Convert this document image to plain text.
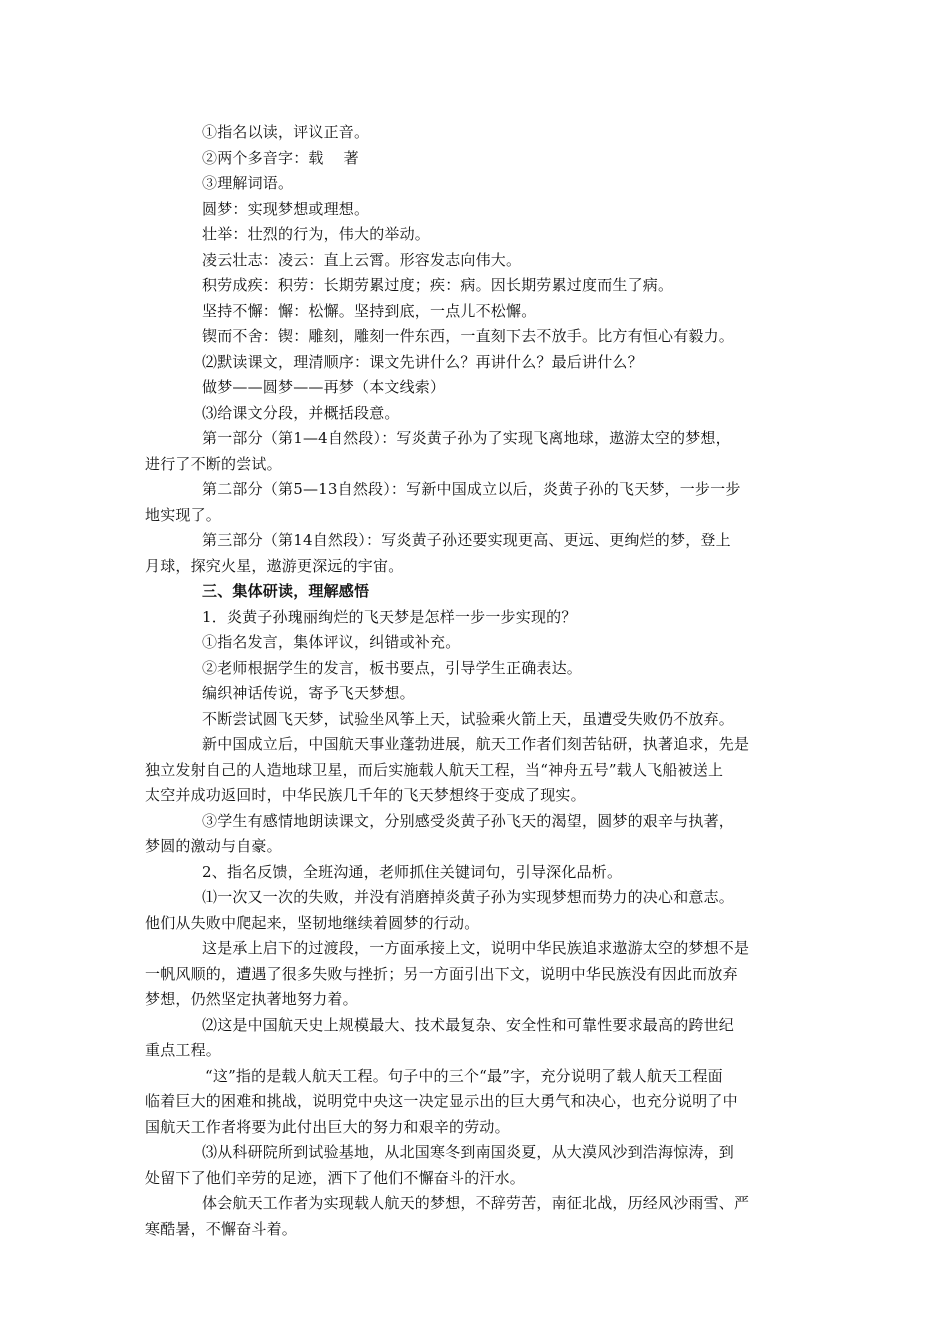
①指名以读，评议正音。
②两个多音字：载 著
③理解词语。
圆梦：实现梦想或理想。
壮举：壮烈的行为，伟大的举动。
凌云壮志：凌云：直上云霄。形容发志向伟大。
积劳成疾：积劳：长期劳累过度；疾：病。因长期劳累过度而生了病。
坚持不懈：懈：松懈。坚持到底，一点儿不松懈。
锲而不舍：锲：雕刻，雕刻一件东西，一直刻下去不放手。比方有恒心有毅力。
⑵默读课文，理清顺序：课文先讲什么？再讲什么？最后讲什么？
做梦——圆梦——再梦（本文线索）
⑶给课文分段，并概括段意。
第一部分（第1—4自然段）：写炎黄子孙为了实现飞离地球，遨游太空的梦想，
进行了不断的尝试。
第二部分（第5—13自然段）：写新中国成立以后，炎黄子孙的飞天梦，一步一步
地实现了。
第三部分（第14自然段）：写炎黄子孙还要实现更高、更远、更绚烂的梦，登上
月球，探究火星，遨游更深远的宇宙。
三、集体研读，理解感悟
1．炎黄子孙瑰丽绚烂的飞天梦是怎样一步一步实现的？
①指名发言，集体评议，纠错或补充。
②老师根据学生的发言，板书要点，引导学生正确表达。
编织神话传说，寄予飞天梦想。
不断尝试圆飞天梦，试验坐风筝上天，试验乘火箭上天，虽遭受失败仍不放弃。
新中国成立后，中国航天事业蓬勃进展，航天工作者们刻苦钻研，执著追求，先是
独立发射自己的人造地球卫星，而后实施载人航天工程，当“神舟五号”载人飞船被送上
太空并成功返回时，中华民族几千年的飞天梦想终于变成了现实。
③学生有感情地朗读课文，分别感受炎黄子孙飞天的渴望，圆梦的艰辛与执著，
梦圆的激动与自豪。
2、指名反馈，全班沟通，老师抓住关键词句，引导深化品析。
⑴一次又一次的失败，并没有消磨掉炎黄子孙为实现梦想而势力的决心和意志。
他们从失败中爬起来，坚韧地继续着圆梦的行动。
这是承上启下的过渡段，一方面承接上文，说明中华民族追求遨游太空的梦想不是
一帆风顺的，遭遇了很多失败与挫折；另一方面引出下文，说明中华民族没有因此而放弃
梦想，仍然坚定执著地努力着。
⑵这是中国航天史上规模最大、技术最复杂、安全性和可靠性要求最高的跨世纪
重点工程。
“这”指的是载人航天工程。句子中的三个“最”字，充分说明了载人航天工程面
临着巨大的困难和挑战，说明党中央这一决定显示出的巨大勇气和决心，也充分说明了中
国航天工作者将要为此付出巨大的努力和艰辛的劳动。
⑶从科研院所到试验基地，从北国寒冬到南国炎夏，从大漠风沙到浩海惊涛，到
处留下了他们辛劳的足迹，洒下了他们不懈奋斗的汗水。
体会航天工作者为实现载人航天的梦想，不辞劳苦，南征北战，历经风沙雨雪、严
寒酷暑，不懈奋斗着。
